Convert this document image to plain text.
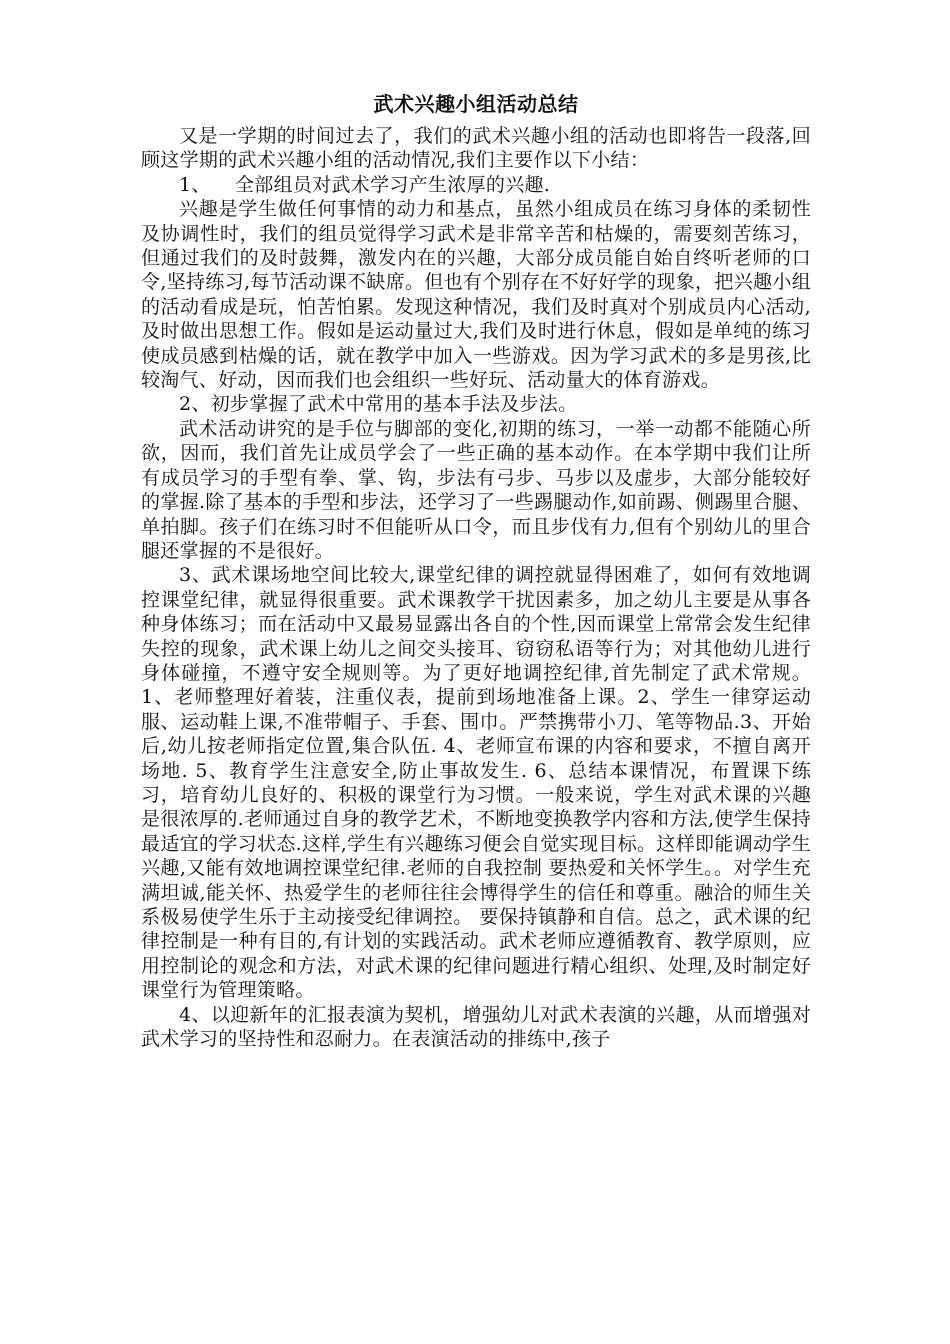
武术兴趣小组活动总结

又是一学期的时间过去了，我们的武术兴趣小组的活动也即将告一段落,回顾这学期的武术兴趣小组的活动情况,我们主要作以下小结：

1、 全部组员对武术学习产生浓厚的兴趣.

兴趣是学生做任何事情的动力和基点，虽然小组成员在练习身体的柔韧性及协调性时，我们的组员觉得学习武术是非常辛苦和枯燥的，需要刻苦练习，但通过我们的及时鼓舞，激发内在的兴趣，大部分成员能自始自终听老师的口令,坚持练习,每节活动课不缺席。但也有个别存在不好好学的现象，把兴趣小组的活动看成是玩，怕苦怕累。发现这种情况，我们及时真对个别成员内心活动,及时做出思想工作。假如是运动量过大,我们及时进行休息，假如是单纯的练习使成员感到枯燥的话，就在教学中加入一些游戏。因为学习武术的多是男孩,比较淘气、好动，因而我们也会组织一些好玩、活动量大的体育游戏。

2、初步掌握了武术中常用的基本手法及步法。

武术活动讲究的是手位与脚部的变化,初期的练习，一举一动都不能随心所欲，因而，我们首先让成员学会了一些正确的基本动作。在本学期中我们让所有成员学习的手型有拳、掌、钩，步法有弓步、马步以及虚步，大部分能较好的掌握.除了基本的手型和步法，还学习了一些踢腿动作,如前踢、侧踢里合腿、单拍脚。孩子们在练习时不但能听从口令，而且步伐有力,但有个别幼儿的里合腿还掌握的不是很好。

3、武术课场地空间比较大,课堂纪律的调控就显得困难了，如何有效地调控课堂纪律，就显得很重要。武术课教学干扰因素多，加之幼儿主要是从事各种身体练习；而在活动中又最易显露出各自的个性,因而课堂上常常会发生纪律失控的现象，武术课上幼儿之间交头接耳、窃窃私语等行为；对其他幼儿进行身体碰撞，不遵守安全规则等。为了更好地调控纪律,首先制定了武术常规。1、老师整理好着装，注重仪表，提前到场地准备上课。2、学生一律穿运动服、运动鞋上课,不准带帽子、手套、围巾。严禁携带小刀、笔等物品.3、开始后,幼儿按老师指定位置,集合队伍. 4、老师宣布课的内容和要求，不擅自离开场地. 5、教育学生注意安全,防止事故发生. 6、总结本课情况，布置课下练习，培育幼儿良好的、积极的课堂行为习惯。一般来说，学生对武术课的兴趣是很浓厚的.老师通过自身的教学艺术，不断地变换教学内容和方法,使学生保持最适宜的学习状态.这样,学生有兴趣练习便会自觉实现目标。这样即能调动学生兴趣,又能有效地调控课堂纪律.老师的自我控制 要热爱和关怀学生。。对学生充满坦诚,能关怀、热爱学生的老师往往会博得学生的信任和尊重。融洽的师生关系极易使学生乐于主动接受纪律调控。 要保持镇静和自信。总之，武术课的纪律控制是一种有目的,有计划的实践活动。武术老师应遵循教育、教学原则，应用控制论的观念和方法，对武术课的纪律问题进行精心组织、处理,及时制定好课堂行为管理策略。

4、以迎新年的汇报表演为契机，增强幼儿对武术表演的兴趣，从而增强对武术学习的坚持性和忍耐力。在表演活动的排练中,孩子
